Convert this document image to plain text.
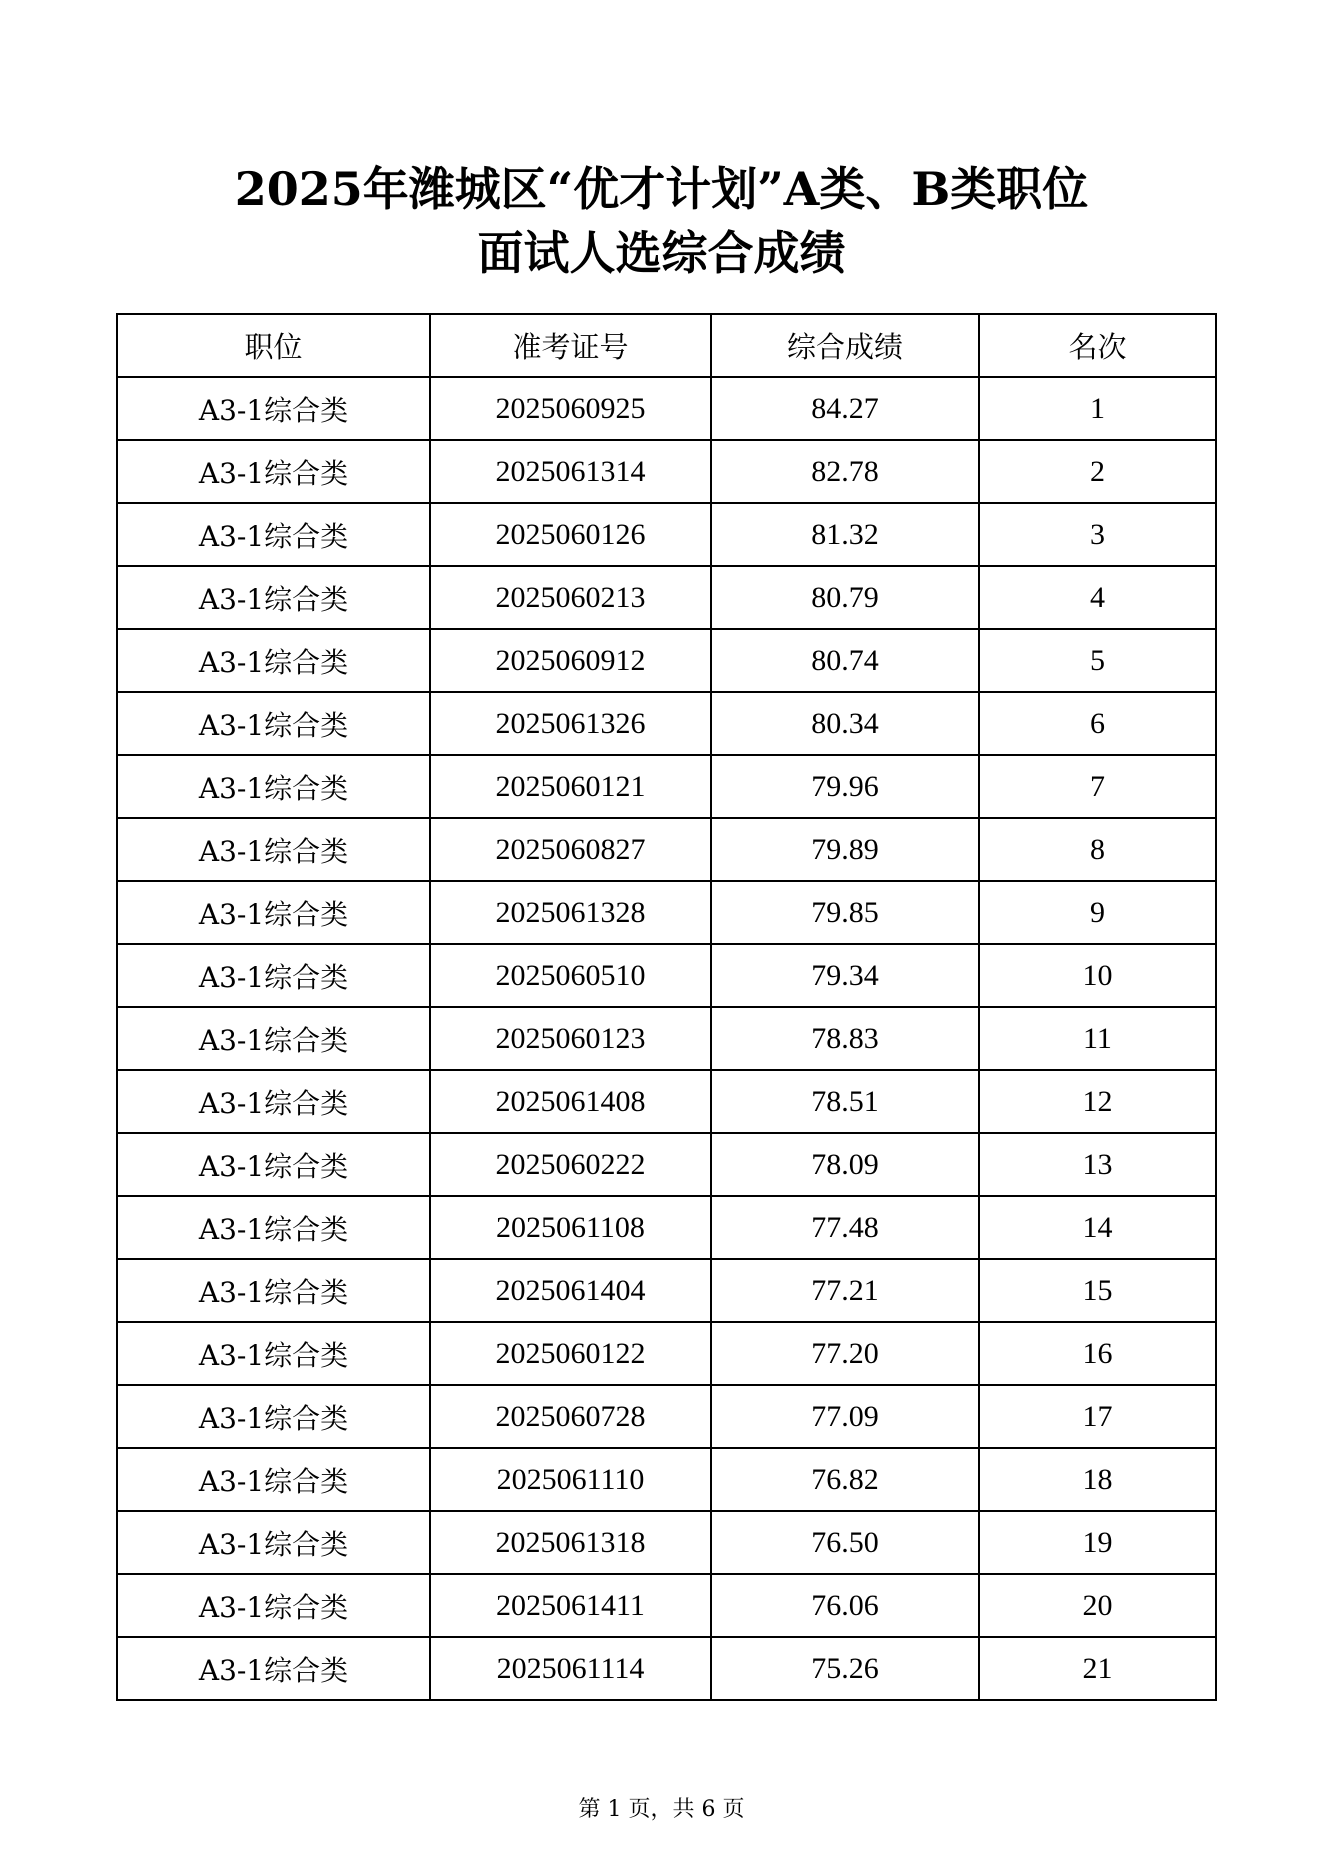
2025年潍城区“优才计划”A类、B类职位
面试人选综合成绩
职位	准考证号	综合成绩	名次
A3-1综合类	2025060925	84.27	1
A3-1综合类	2025061314	82.78	2
A3-1综合类	2025060126	81.32	3
A3-1综合类	2025060213	80.79	4
A3-1综合类	2025060912	80.74	5
A3-1综合类	2025061326	80.34	6
A3-1综合类	2025060121	79.96	7
A3-1综合类	2025060827	79.89	8
A3-1综合类	2025061328	79.85	9
A3-1综合类	2025060510	79.34	10
A3-1综合类	2025060123	78.83	11
A3-1综合类	2025061408	78.51	12
A3-1综合类	2025060222	78.09	13
A3-1综合类	2025061108	77.48	14
A3-1综合类	2025061404	77.21	15
A3-1综合类	2025060122	77.20	16
A3-1综合类	2025060728	77.09	17
A3-1综合类	2025061110	76.82	18
A3-1综合类	2025061318	76.50	19
A3-1综合类	2025061411	76.06	20
A3-1综合类	2025061114	75.26	21
第 1 页，共 6 页
